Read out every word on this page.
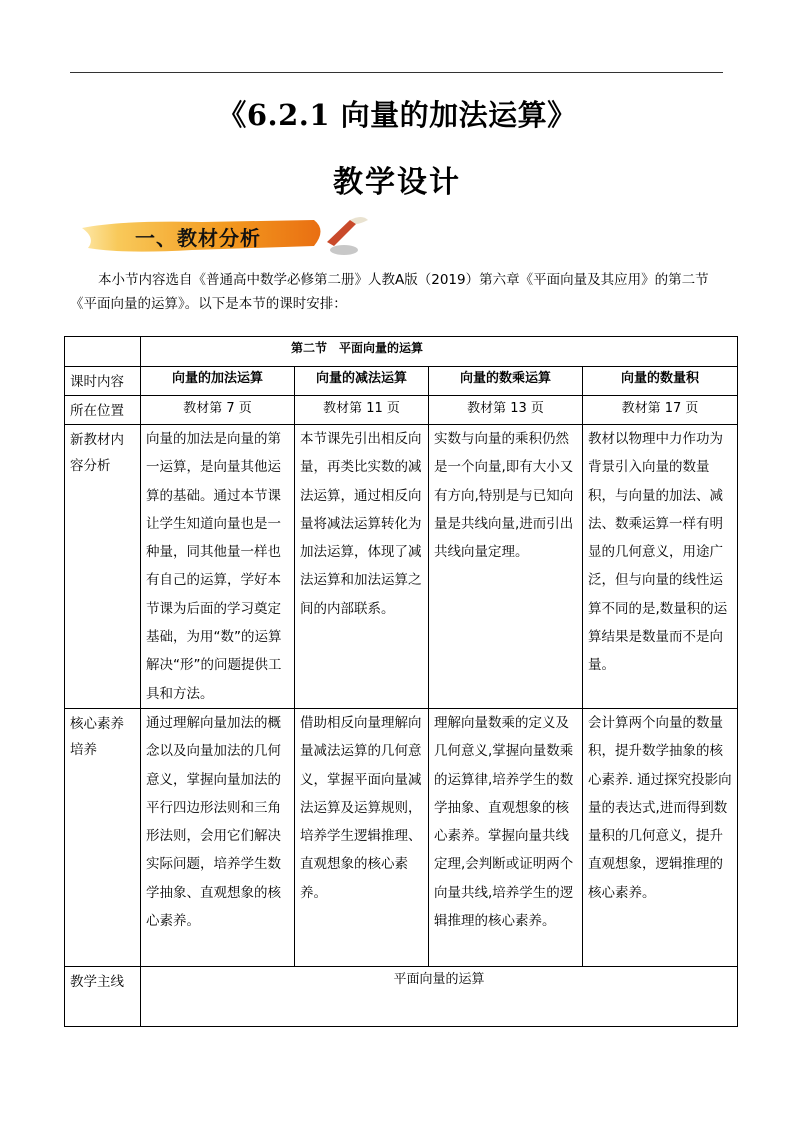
《6.2.1 向量的加法运算》
教学设计
一、教材分析
本小节内容选自《普通高中数学必修第二册》人教A版（2019）第六章《平面向量及其应用》的第二节《平面向量的运算》。以下是本节的课时安排：
	第二节　平面向量的运算			
课时内容	向量的加法运算	向量的减法运算	向量的数乘运算	向量的数量积
所在位置	教材第 7 页	教材第 11 页	教材第 13 页	教材第 17 页
新教材内容分析	向量的加法是向量的第一运算，是向量其他运算的基础。通过本节课让学生知道向量也是一种量，同其他量一样也有自己的运算，学好本节课为后面的学习奠定基础，为用“数”的运算解决“形”的问题提供工具和方法。	本节课先引出相反向量，再类比实数的减法运算，通过相反向量将减法运算转化为加法运算，体现了减法运算和加法运算之间的内部联系。	实数与向量的乘积仍然是一个向量,即有大小又有方向,特别是与已知向量是共线向量,进而引出共线向量定理。	教材以物理中力作功为背景引入向量的数量积，与向量的加法、减法、数乘运算一样有明显的几何意义，用途广泛，但与向量的线性运算不同的是,数量积的运算结果是数量而不是向量。
核心素养培养	通过理解向量加法的概念以及向量加法的几何意义，掌握向量加法的平行四边形法则和三角形法则，会用它们解决实际问题，培养学生数学抽象、直观想象的核心素养。	借助相反向量理解向量减法运算的几何意义，掌握平面向量减法运算及运算规则，培养学生逻辑推理、直观想象的核心素养。	理解向量数乘的定义及几何意义,掌握向量数乘的运算律,培养学生的数学抽象、直观想象的核心素养。掌握向量共线定理,会判断或证明两个向量共线,培养学生的逻辑推理的核心素养。	会计算两个向量的数量积，提升数学抽象的核心素养. 通过探究投影向量的表达式,进而得到数量积的几何意义，提升直观想象，逻辑推理的核心素养。
教学主线	平面向量的运算			
